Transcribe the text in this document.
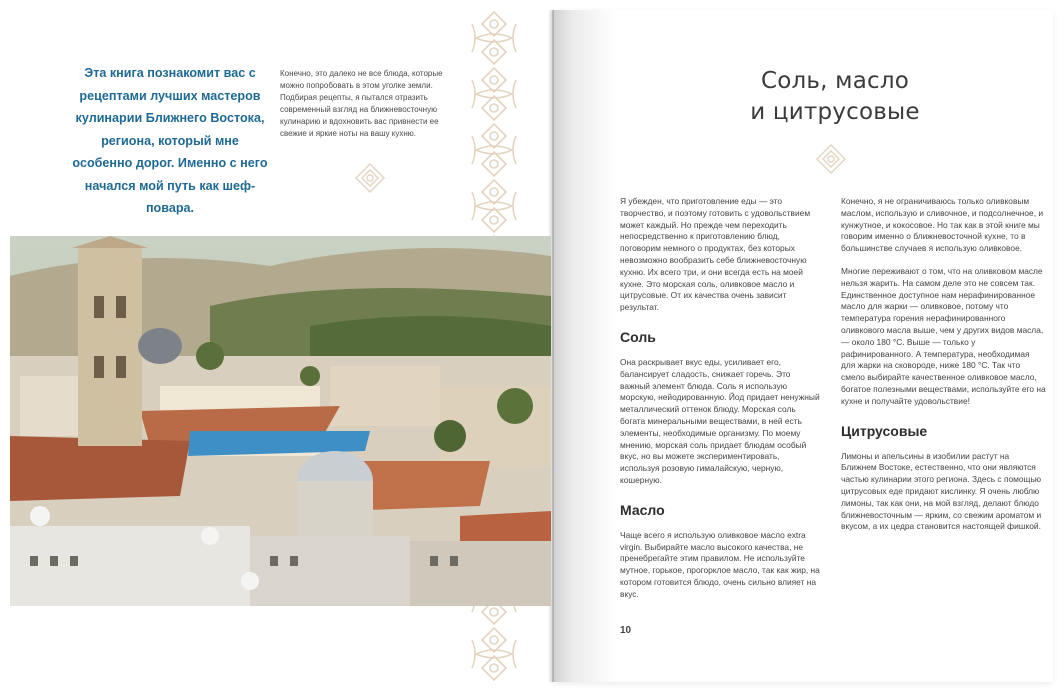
Эта книга познакомит вас с рецептами лучших мастеров кулинарии Ближнего Востока, региона, который мне особенно дорог. Именно с него начался мой путь как шеф-повара.
Конечно, это далеко не все блюда, которые можно попробовать в этом уголке земли. Подбирая рецепты, я пытался отразить современный взгляд на ближневосточную кулинарию и вдохновить вас привнести ее свежие и яркие ноты на вашу кухню.
Соль, масло
и цитрусовые

Я убежден, что приготовление еды — это творчество, и поэтому готовить с удовольствием может каждый. Но прежде чем переходить непосредственно к приготовлению блюд, поговорим немного о продуктах, без которых невозможно вообразить себе ближневосточную кухню. Их всего три, и они всегда есть на моей кухне. Это морская соль, оливковое масло и цитрусовые. От их качества очень зависит результат.

Соль

Она раскрывает вкус еды, усиливает его, балансирует сладость, снижает горечь. Это важный элемент блюда. Соль я использую морскую, нейодированную. Йод придает ненужный металлический оттенок блюду. Морская соль богата минеральными веществами, в ней есть элементы, необходимые организму. По моему мнению, морская соль придает блюдам особый вкус, но вы можете экспериментировать, используя розовую гималайскую, черную, кошерную.

Масло

Чаще всего я использую оливковое масло extra virgin. Выбирайте масло высокого качества, не пренебрегайте этим правилом. Не используйте мутное, горькое, прогорклое масло, так как жир, на котором готовится блюдо, очень сильно влияет на вкус.

Конечно, я не ограничиваюсь только оливковым маслом, использую и сливочное, и подсолнечное, и кунжутное, и кокосовое. Но так как в этой книге мы говорим именно о ближневосточной кухне, то в большинстве случаев я использую оливковое.

Многие переживают о том, что на оливковом масле нельзя жарить. На самом деле это не совсем так. Единственное доступное нам нерафинированное масло для жарки — оливковое, потому что температура горения нерафинированного оливкового масла выше, чем у других видов масла, — около 180 °С. Выше — только у рафинированного. А температура, необходимая для жарки на сковороде, ниже 180 °С. Так что смело выбирайте качественное оливковое масло, богатое полезными веществами, используйте его на кухне и получайте удовольствие!

Цитрусовые

Лимоны и апельсины в изобилии растут на Ближнем Востоке, естественно, что они являются частью кулинарии этого региона. Здесь с помощью цитрусовых еде придают кислинку. Я очень люблю лимоны, так как они, на мой взгляд, делают блюдо ближневосточным — ярким, со свежим ароматом и вкусом, а их цедра становится настоящей фишкой.

10
